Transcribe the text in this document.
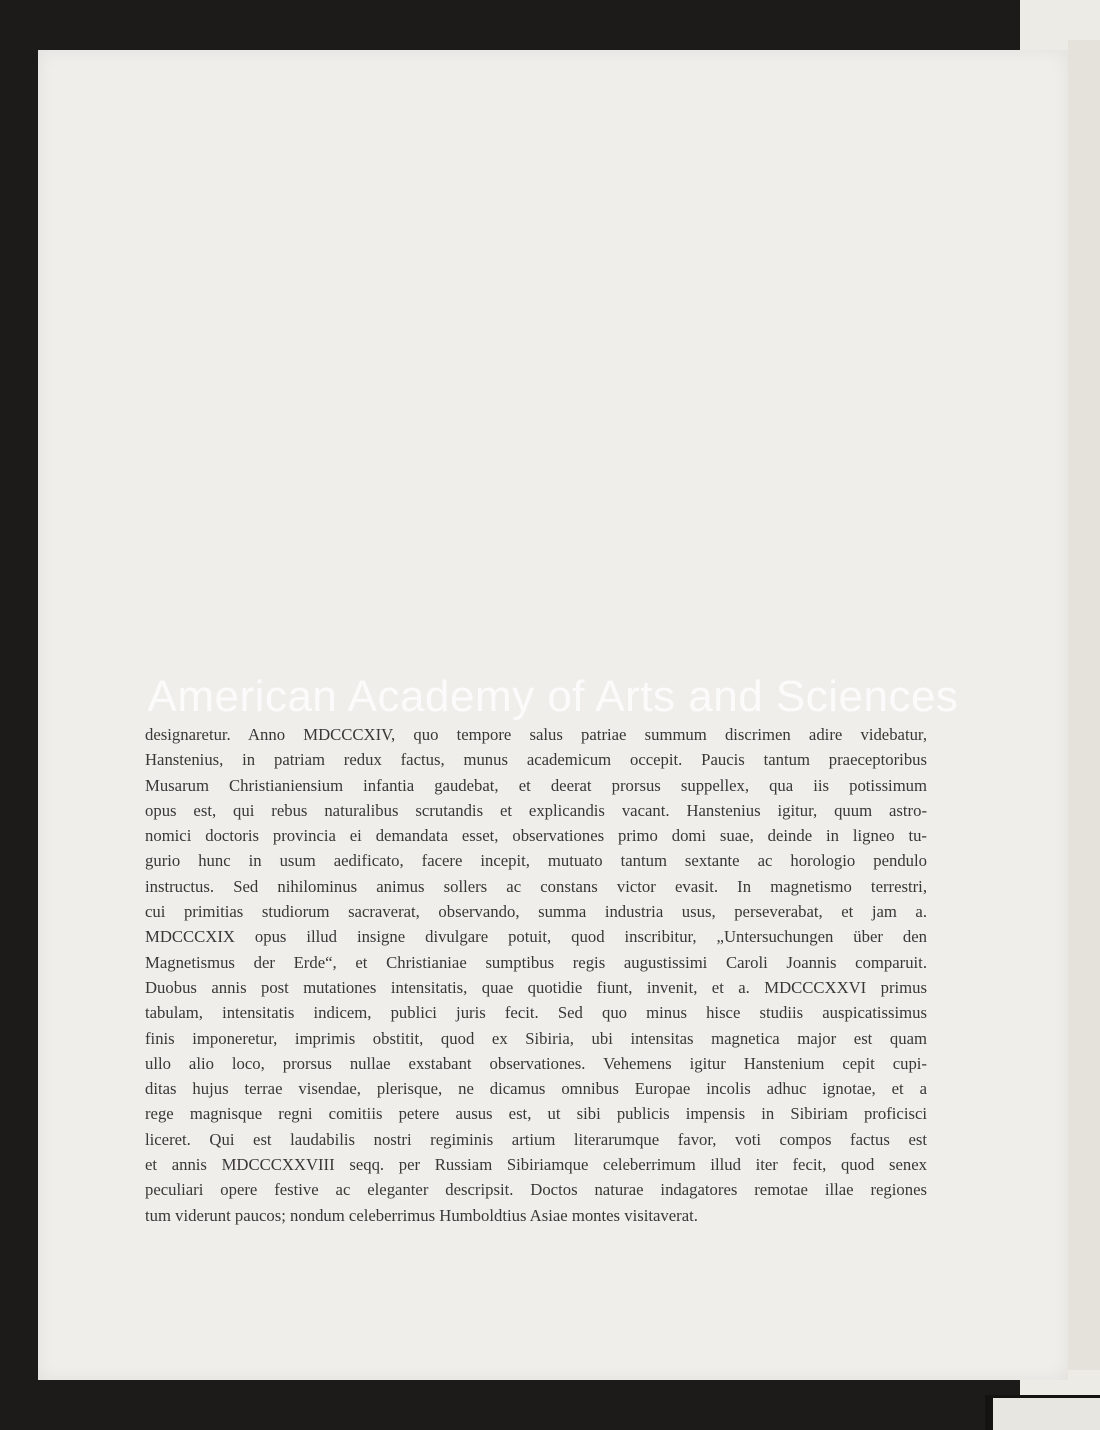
American Academy of Arts and Sciences
designaretur. Anno MDCCCXIV, quo tempore salus patriae summum discrimen adire videbatur,
Hanstenius, in patriam redux factus, munus academicum occepit. Paucis tantum praeceptoribus
Musarum Christianiensium infantia gaudebat, et deerat prorsus suppellex, qua iis potissimum
opus est, qui rebus naturalibus scrutandis et explicandis vacant. Hanstenius igitur, quum astro-
nomici doctoris provincia ei demandata esset, observationes primo domi suae, deinde in ligneo tu-
gurio hunc in usum aedificato, facere incepit, mutuato tantum sextante ac horologio pendulo
instructus. Sed nihilominus animus sollers ac constans victor evasit. In magnetismo terrestri,
cui primitias studiorum sacraverat, observando, summa industria usus, perseverabat, et jam a.
MDCCCXIX opus illud insigne divulgare potuit, quod inscribitur, „Untersuchungen über den
Magnetismus der Erde“, et Christianiae sumptibus regis augustissimi Caroli Joannis comparuit.
Duobus annis post mutationes intensitatis, quae quotidie fiunt, invenit, et a. MDCCCXXVI primus
tabulam, intensitatis indicem, publici juris fecit. Sed quo minus hisce studiis auspicatissimus
finis imponeretur, imprimis obstitit, quod ex Sibiria, ubi intensitas magnetica major est quam
ullo alio loco, prorsus nullae exstabant observationes. Vehemens igitur Hanstenium cepit cupi-
ditas hujus terrae visendae, plerisque, ne dicamus omnibus Europae incolis adhuc ignotae, et a
rege magnisque regni comitiis petere ausus est, ut sibi publicis impensis in Sibiriam proficisci
liceret. Qui est laudabilis nostri regiminis artium literarumque favor, voti compos factus est
et annis MDCCCXXVIII seqq. per Russiam Sibiriamque celeberrimum illud iter fecit, quod senex
peculiari opere festive ac eleganter descripsit. Doctos naturae indagatores remotae illae regiones
tum viderunt paucos; nondum celeberrimus Humboldtius Asiae montes visitaverat.
